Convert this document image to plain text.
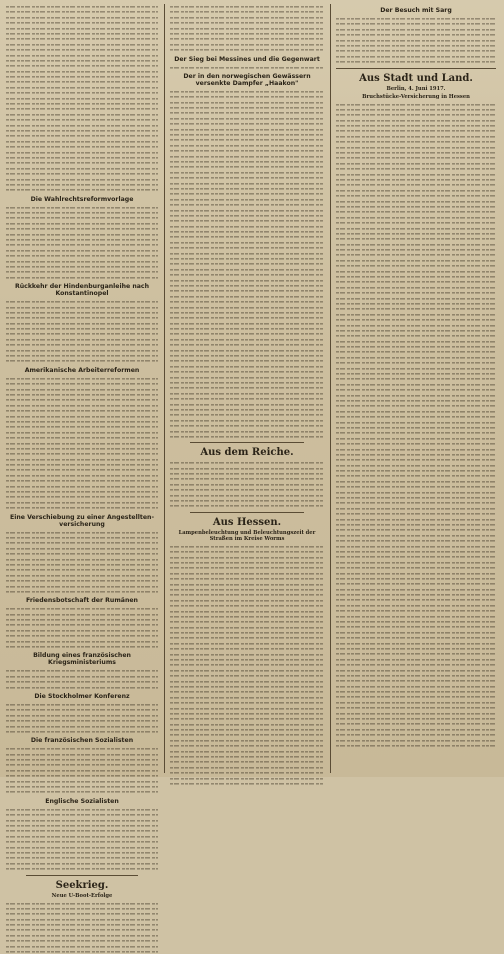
Die Wahlrechtsreformvorlage
Rückkehr der Hindenburganleihe nach Konstantinopel
Amerikanische Arbeiterreformen
Eine Verschiebung zu einer Angestelltenversicherung
Friedensbotschaft der Rumänen
Bildung eines französischen Kriegsministeriums
Die Stockholmer Konferenz
Die französischen Sozialisten
Englische Sozialisten
Seekrieg.
Neue U-Boot-Erfolge
Der Sieg bei Messines und die Gegenwart
Der in den norwegischen Gewässern versenkte Dampfer „Haakon"
Aus dem Reiche.
Aus Hessen.
Lampenbeleuchtung und Beleuchtungszeit der Straßen im Kreise Worms
Der Besuch mit Sarg
Aus Stadt und Land.
Berlin, 4. Juni 1917.
Bruchstücke-Versicherung in Hessen
